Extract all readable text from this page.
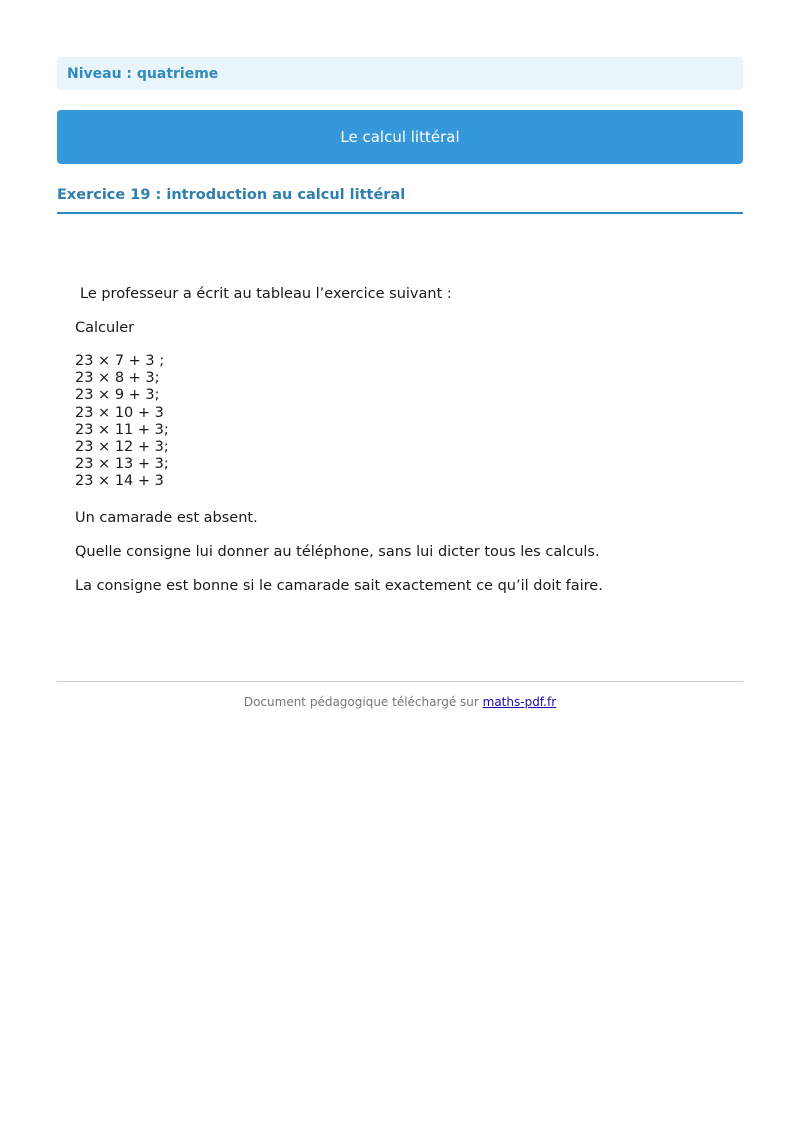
Niveau : quatrieme
Le calcul littéral
Exercice 19 : introduction au calcul littéral
Le professeur a écrit au tableau l’exercice suivant :
Calculer
23 × 7 + 3 ;
23 × 8 + 3;
23 × 9 + 3;
23 × 10 + 3
23 × 11 + 3;
23 × 12 + 3;
23 × 13 + 3;
23 × 14 + 3
Un camarade est absent.
Quelle consigne lui donner au téléphone, sans lui dicter tous les calculs.
La consigne est bonne si le camarade sait exactement ce qu’il doit faire.
Document pédagogique téléchargé sur maths-pdf.fr
